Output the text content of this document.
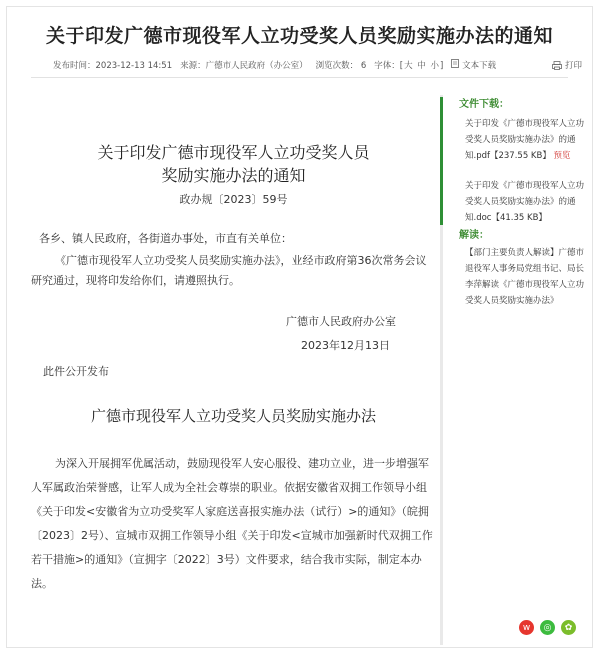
关于印发广德市现役军人立功受奖人员奖励实施办法的通知
发布时间：2023-12-13 14:51 来源：广德市人民政府（办公室） 浏览次数： 6 字体：[大 中 小]	文本下载	打印
关于印发广德市现役军人立功受奖人员
奖励实施办法的通知
政办规〔2023〕59号
各乡、镇人民政府，各街道办事处，市直有关单位：
《广德市现役军人立功受奖人员奖励实施办法》，业经市政府第36次常务会议研究通过，现将印发给你们，请遵照执行。
广德市人民政府办公室
2023年12月13日
此件公开发布
广德市现役军人立功受奖人员奖励实施办法
为深入开展拥军优属活动，鼓励现役军人安心服役、建功立业，进一步增强军人军属政治荣誉感，让军人成为全社会尊崇的职业。依据安徽省双拥工作领导小组《关于印发<安徽省为立功受奖军人家庭送喜报实施办法（试行）>的通知》（皖拥〔2023〕2号）、宣城市双拥工作领导小组《关于印发<宣城市加强新时代双拥工作若干措施>的通知》（宣拥字〔2022〕3号）文件要求，结合我市实际，制定本办法。
文件下载：
关于印发《广德市现役军人立功受奖人员奖励实施办法》的通知.pdf【237.55 KB】 预览
关于印发《广德市现役军人立功受奖人员奖励实施办法》的通知.doc【41.35 KB】
解读：
【部门主要负责人解读】广德市退役军人事务局党组书记、局长李萍解读《广德市现役军人立功受奖人员奖励实施办法》
w	◎	✿
